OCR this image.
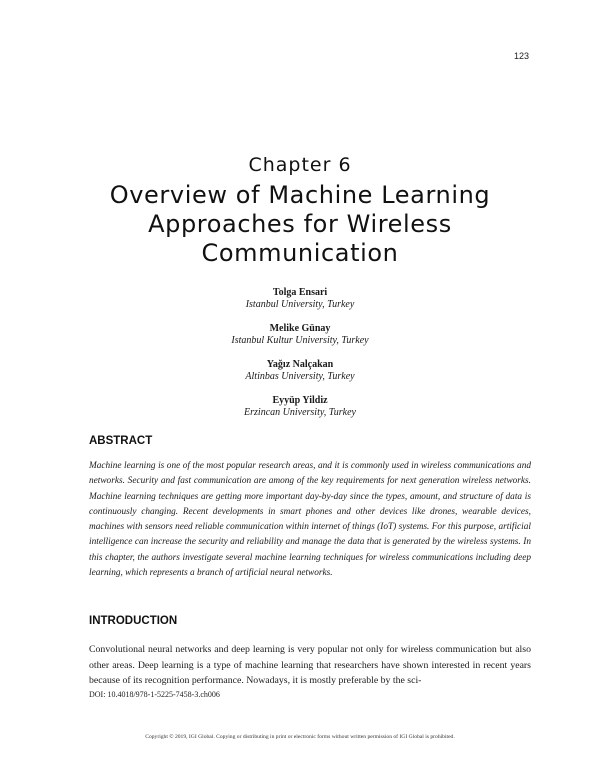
123
Chapter 6
Overview of Machine Learning Approaches for Wireless Communication
Tolga Ensari
Istanbul University, Turkey
Melike Günay
Istanbul Kultur University, Turkey
Yağız Nalçakan
Altinbas University, Turkey
Eyyüp Yildiz
Erzincan University, Turkey
ABSTRACT
Machine learning is one of the most popular research areas, and it is commonly used in wireless communications and networks. Security and fast communication are among of the key requirements for next generation wireless networks. Machine learning techniques are getting more important day-by-day since the types, amount, and structure of data is continuously changing. Recent developments in smart phones and other devices like drones, wearable devices, machines with sensors need reliable communication within internet of things (IoT) systems. For this purpose, artificial intelligence can increase the security and reliability and manage the data that is generated by the wireless systems. In this chapter, the authors investigate several machine learning techniques for wireless communications including deep learning, which represents a branch of artificial neural networks.
INTRODUCTION
Convolutional neural networks and deep learning is very popular not only for wireless communication but also other areas. Deep learning is a type of machine learning that researchers have shown interested in recent years because of its recognition performance. Nowadays, it is mostly preferable by the sci-
DOI: 10.4018/978-1-5225-7458-3.ch006
Copyright © 2019, IGI Global. Copying or distributing in print or electronic forms without written permission of IGI Global is prohibited.
